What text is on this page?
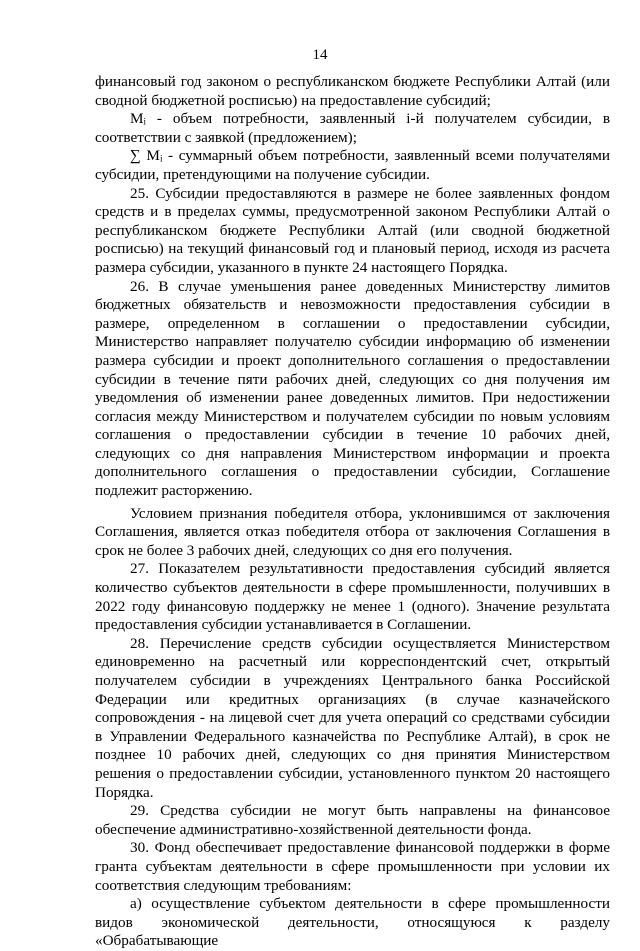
14

финансовый год законом о республиканском бюджете Республики Алтай (или сводной бюджетной росписью) на предоставление субсидий;

Mᵢ - объем потребности, заявленный i-й получателем субсидии, в соответствии с заявкой (предложением);

∑ Mᵢ - суммарный объем потребности, заявленный всеми получателями субсидии, претендующими на получение субсидии.

25. Субсидии предоставляются в размере не более заявленных фондом средств и в пределах суммы, предусмотренной законом Республики Алтай о республиканском бюджете Республики Алтай (или сводной бюджетной росписью) на текущий финансовый год и плановый период, исходя из расчета размера субсидии, указанного в пункте 24 настоящего Порядка.

26. В случае уменьшения ранее доведенных Министерству лимитов бюджетных обязательств и невозможности предоставления субсидии в размере, определенном в соглашении о предоставлении субсидии, Министерство направляет получателю субсидии информацию об изменении размера субсидии и проект дополнительного соглашения о предоставлении субсидии в течение пяти рабочих дней, следующих со дня получения им уведомления об изменении ранее доведенных лимитов. При недостижении согласия между Министерством и получателем субсидии по новым условиям соглашения о предоставлении субсидии в течение 10 рабочих дней, следующих со дня направления Министерством информации и проекта дополнительного соглашения о предоставлении субсидии, Соглашение подлежит расторжению.

Условием признания победителя отбора, уклонившимся от заключения Соглашения, является отказ победителя отбора от заключения Соглашения в срок не более 3 рабочих дней, следующих со дня его получения.

27. Показателем результативности предоставления субсидий является количество субъектов деятельности в сфере промышленности, получивших в 2022 году финансовую поддержку не менее 1 (одного). Значение результата предоставления субсидии устанавливается в Соглашении.

28. Перечисление средств субсидии осуществляется Министерством единовременно на расчетный или корреспондентский счет, открытый получателем субсидии в учреждениях Центрального банка Российской Федерации или кредитных организациях (в случае казначейского сопровождения - на лицевой счет для учета операций со средствами субсидии в Управлении Федерального казначейства по Республике Алтай), в срок не позднее 10 рабочих дней, следующих со дня принятия Министерством решения о предоставлении субсидии, установленного пунктом 20 настоящего Порядка.

29. Средства субсидии не могут быть направлены на финансовое обеспечение административно-хозяйственной деятельности фонда.

30. Фонд обеспечивает предоставление финансовой поддержки в форме гранта субъектам деятельности в сфере промышленности при условии их соответствия следующим требованиям:

а) осуществление субъектом деятельности в сфере промышленности видов экономической деятельности, относящуюся к разделу «Обрабатывающие
